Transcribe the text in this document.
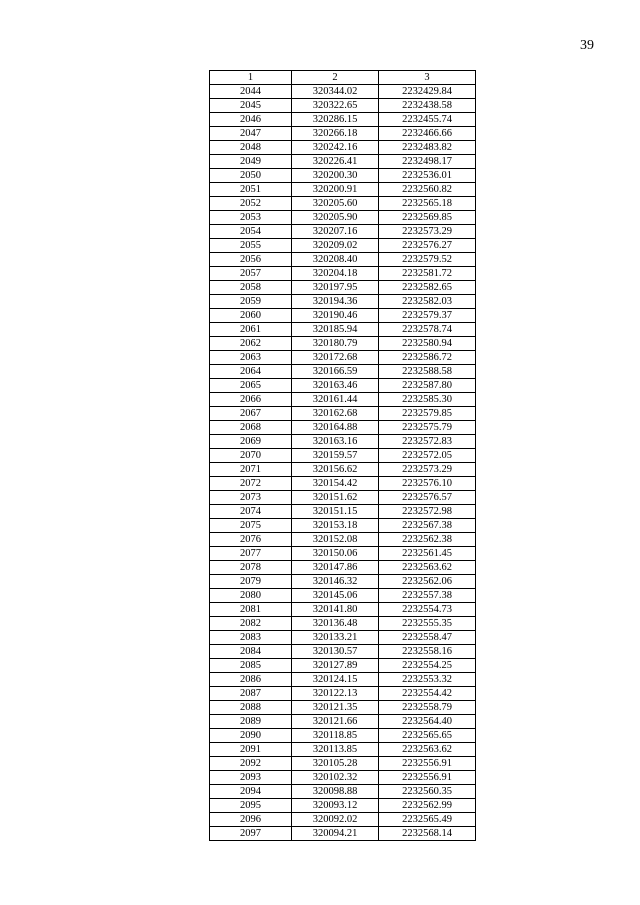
39
1	2	3
2044	320344.02	2232429.84
2045	320322.65	2232438.58
2046	320286.15	2232455.74
2047	320266.18	2232466.66
2048	320242.16	2232483.82
2049	320226.41	2232498.17
2050	320200.30	2232536.01
2051	320200.91	2232560.82
2052	320205.60	2232565.18
2053	320205.90	2232569.85
2054	320207.16	2232573.29
2055	320209.02	2232576.27
2056	320208.40	2232579.52
2057	320204.18	2232581.72
2058	320197.95	2232582.65
2059	320194.36	2232582.03
2060	320190.46	2232579.37
2061	320185.94	2232578.74
2062	320180.79	2232580.94
2063	320172.68	2232586.72
2064	320166.59	2232588.58
2065	320163.46	2232587.80
2066	320161.44	2232585.30
2067	320162.68	2232579.85
2068	320164.88	2232575.79
2069	320163.16	2232572.83
2070	320159.57	2232572.05
2071	320156.62	2232573.29
2072	320154.42	2232576.10
2073	320151.62	2232576.57
2074	320151.15	2232572.98
2075	320153.18	2232567.38
2076	320152.08	2232562.38
2077	320150.06	2232561.45
2078	320147.86	2232563.62
2079	320146.32	2232562.06
2080	320145.06	2232557.38
2081	320141.80	2232554.73
2082	320136.48	2232555.35
2083	320133.21	2232558.47
2084	320130.57	2232558.16
2085	320127.89	2232554.25
2086	320124.15	2232553.32
2087	320122.13	2232554.42
2088	320121.35	2232558.79
2089	320121.66	2232564.40
2090	320118.85	2232565.65
2091	320113.85	2232563.62
2092	320105.28	2232556.91
2093	320102.32	2232556.91
2094	320098.88	2232560.35
2095	320093.12	2232562.99
2096	320092.02	2232565.49
2097	320094.21	2232568.14
